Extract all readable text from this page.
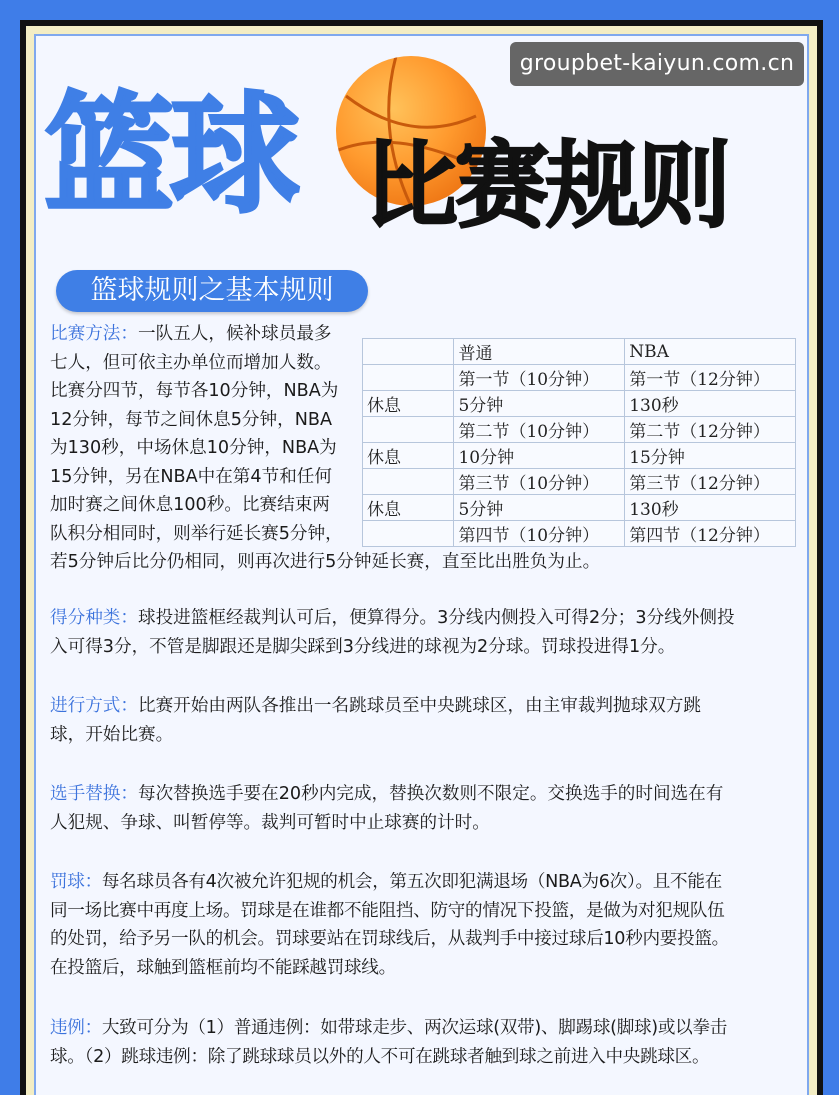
groupbet-kaiyun.com.cn
篮球 比赛规则
篮球规则之基本规则
比赛方法：一队五人，候补球员最多
七人，但可依主办单位而增加人数。
比赛分四节，每节各10分钟，NBA为
12分钟，每节之间休息5分钟，NBA
为130秒，中场休息10分钟，NBA为
15分钟，另在NBA中在第4节和任何
加时赛之间休息100秒。比赛结束两
队积分相同时，则举行延长赛5分钟，
若5分钟后比分仍相同，则再次进行5分钟延长赛，直至比出胜负为止。
	普通	NBA
	第一节（10分钟）	第一节（12分钟）
休息	5分钟	130秒
	第二节（10分钟）	第二节（12分钟）
休息	10分钟	15分钟
	第三节（10分钟）	第三节（12分钟）
休息	5分钟	130秒
	第四节（10分钟）	第四节（12分钟）
得分种类：球投进篮框经裁判认可后，便算得分。3分线内侧投入可得2分；3分线外侧投
入可得3分，不管是脚跟还是脚尖踩到3分线进的球视为2分球。罚球投进得1分。
进行方式：比赛开始由两队各推出一名跳球员至中央跳球区，由主审裁判抛球双方跳
球，开始比赛。
选手替换：每次替换选手要在20秒内完成，替换次数则不限定。交换选手的时间选在有
人犯规、争球、叫暂停等。裁判可暂时中止球赛的计时。
罚球：每名球员各有4次被允许犯规的机会，第五次即犯满退场（NBA为6次）。且不能在
同一场比赛中再度上场。罚球是在谁都不能阻挡、防守的情况下投篮，是做为对犯规队伍
的处罚，给予另一队的机会。罚球要站在罚球线后，从裁判手中接过球后10秒内要投篮。
在投篮后，球触到篮框前均不能踩越罚球线。
违例：大致可分为（1）普通违例：如带球走步、两次运球(双带)、脚踢球(脚球)或以拳击
球。（2）跳球违例：除了跳球球员以外的人不可在跳球者触到球之前进入中央跳球区。
